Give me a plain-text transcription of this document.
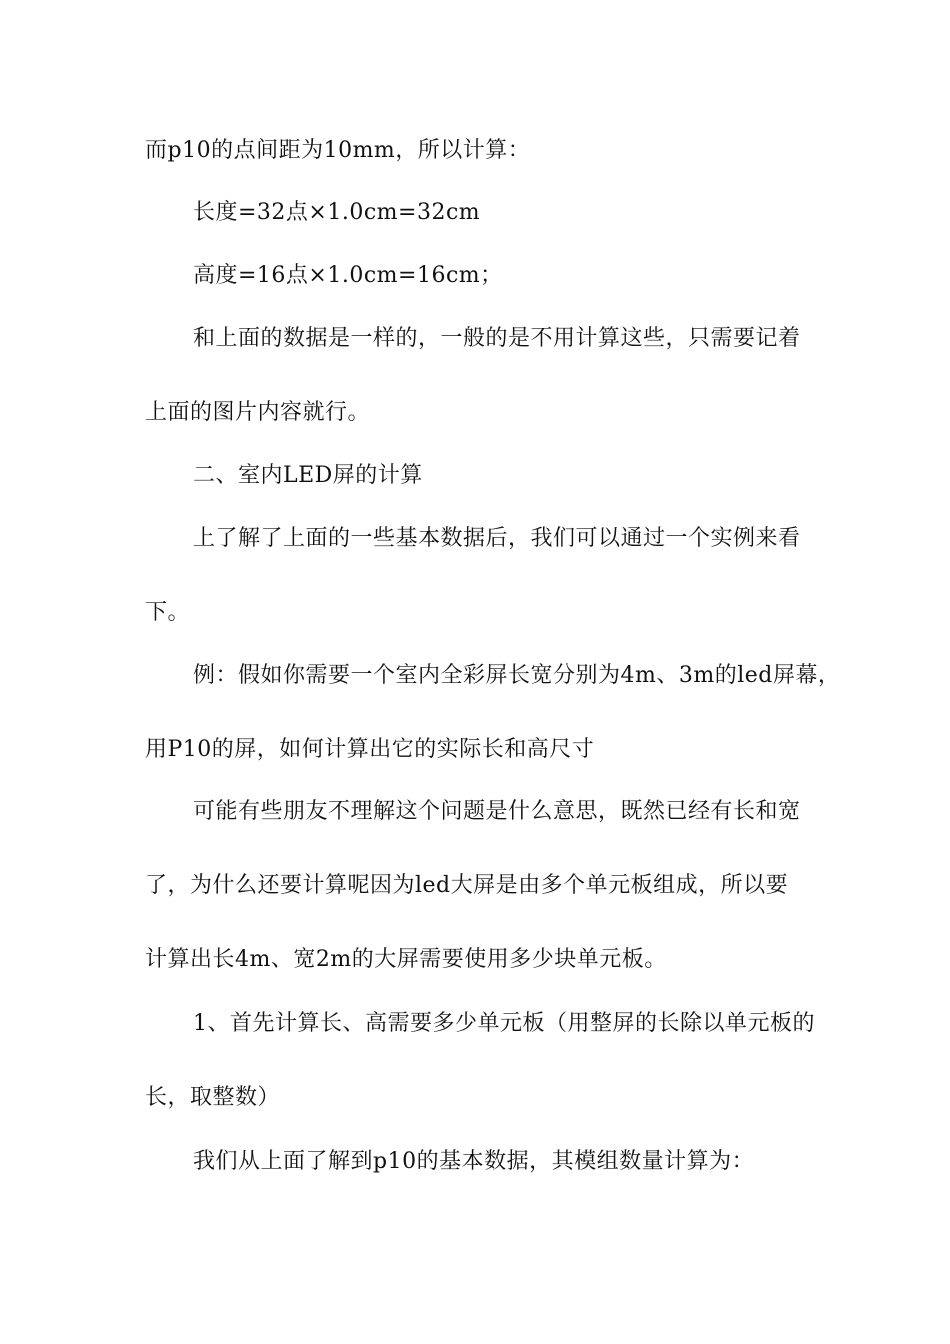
而p10的点间距为10mm，所以计算：
长度=32点×1.0cm=32cm
高度=16点×1.0cm=16cm；
和上面的数据是一样的，一般的是不用计算这些，只需要记着
上面的图片内容就行。
二、室内LED屏的计算
上了解了上面的一些基本数据后，我们可以通过一个实例来看
下。
例：假如你需要一个室内全彩屏长宽分别为4m、3m的led屏幕，
用P10的屏，如何计算出它的实际长和高尺寸
可能有些朋友不理解这个问题是什么意思，既然已经有长和宽
了，为什么还要计算呢因为led大屏是由多个单元板组成，所以要
计算出长4m、宽2m的大屏需要使用多少块单元板。
1、首先计算长、高需要多少单元板（用整屏的长除以单元板的
长，取整数）
我们从上面了解到p10的基本数据，其模组数量计算为：
